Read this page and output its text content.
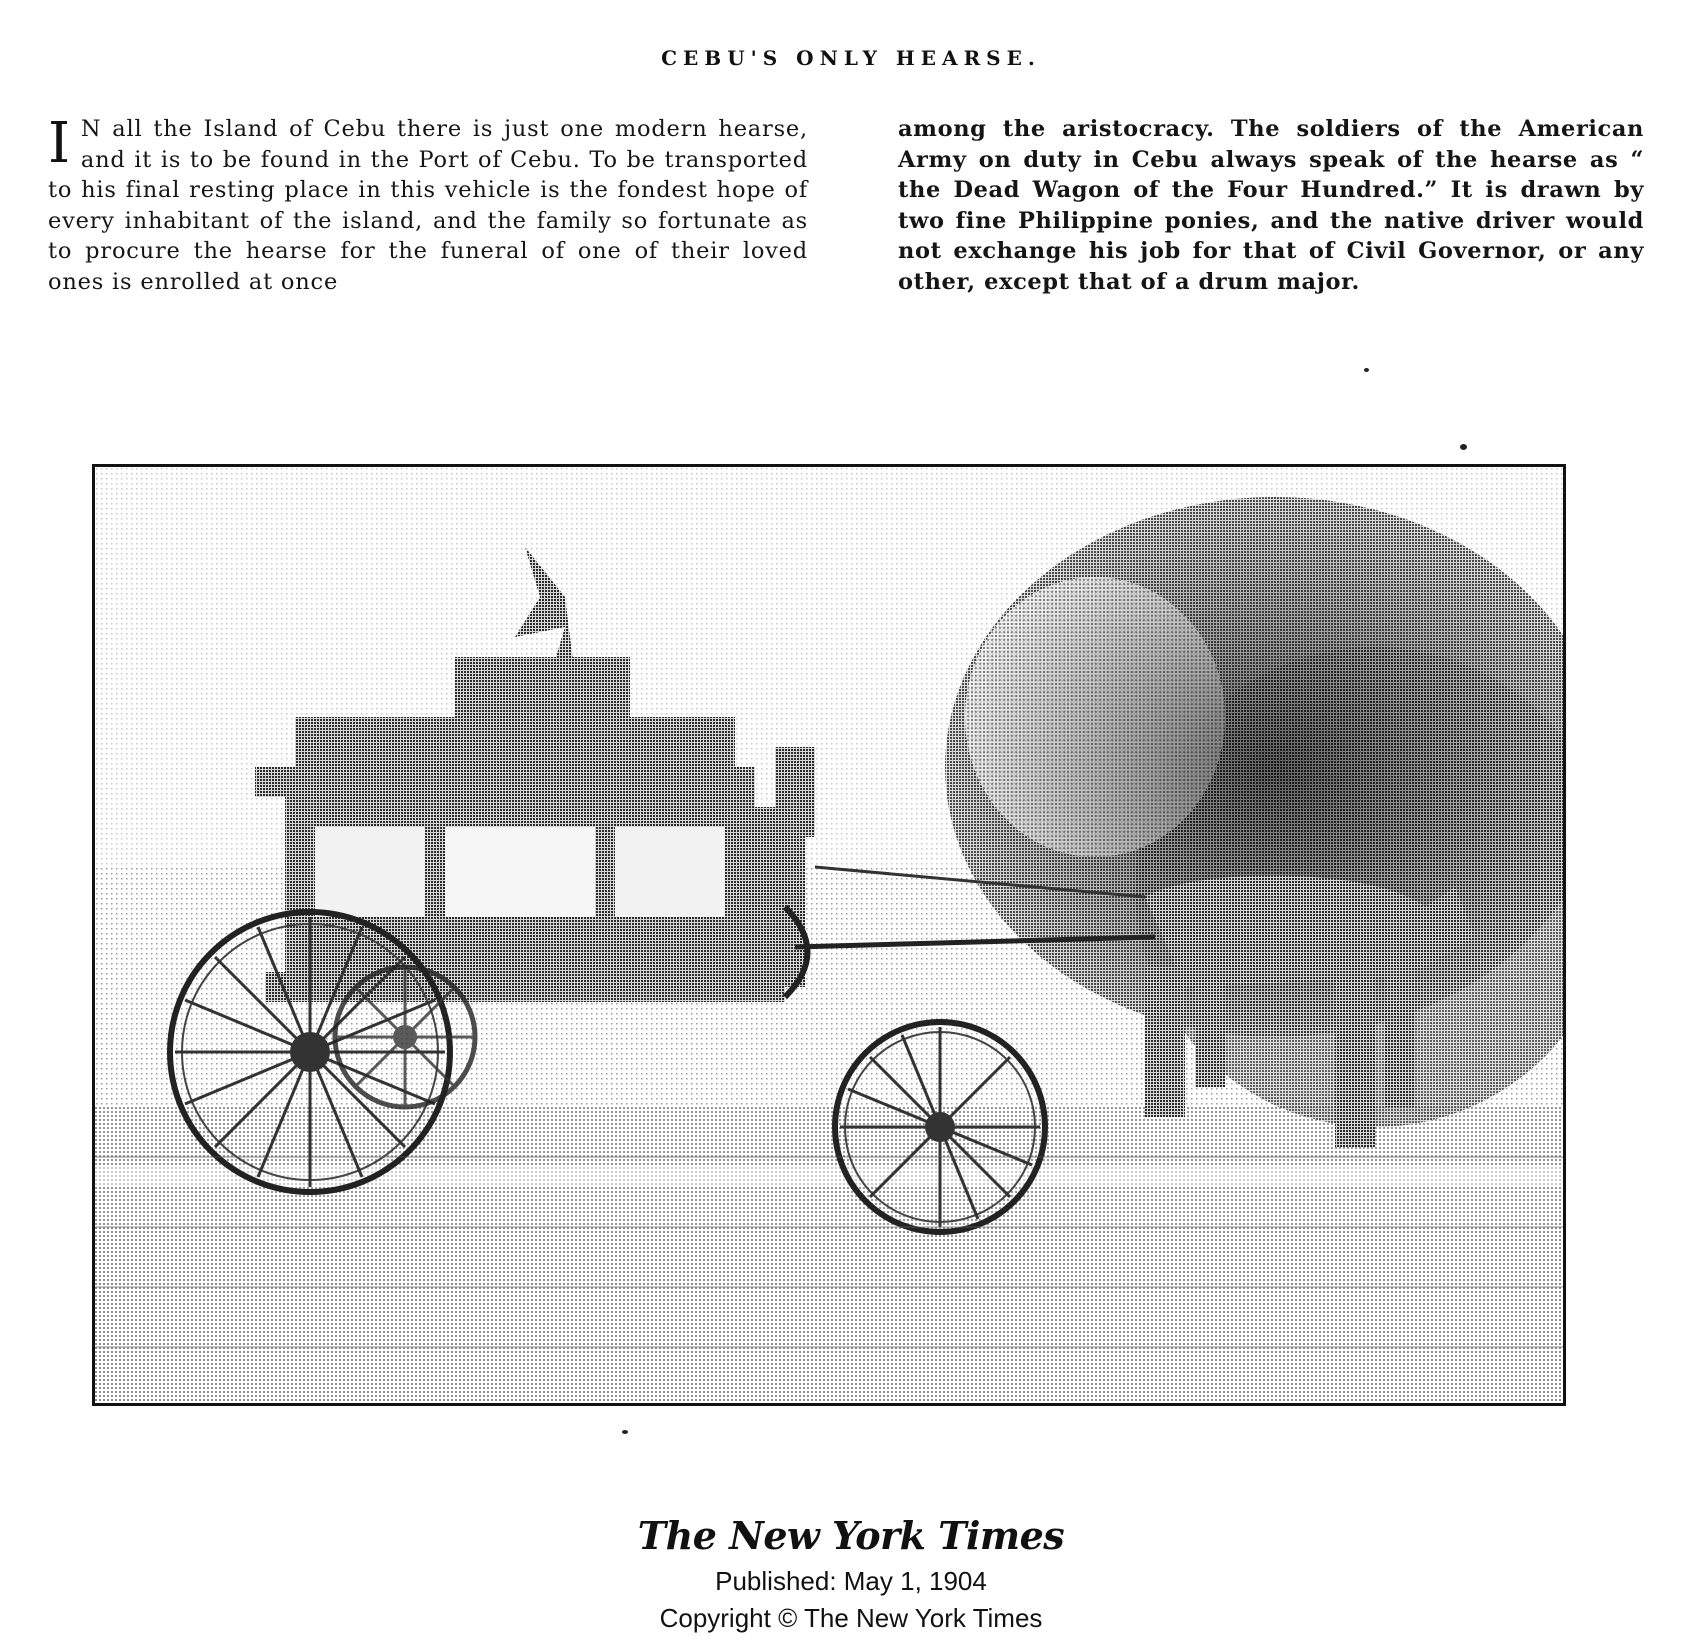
CEBU'S ONLY HEARSE.
I N all the Island of Cebu there is just one modern hearse, and it is to be found in the Port of Cebu. To be transported to his final resting place in this vehicle is the fondest hope of every inhabitant of the island, and the family so fortunate as to procure the hearse for the funeral of one of their loved ones is enrolled at once

among the aristocracy. The soldiers of the American Army on duty in Cebu always speak of the hearse as “ the Dead Wagon of the Four Hundred.” It is drawn by two fine Philippine ponies, and the native driver would not exchange his job for that of Civil Governor, or any other, except that of a drum major.

The New York Times
Published: May 1, 1904
Copyright © The New York Times
